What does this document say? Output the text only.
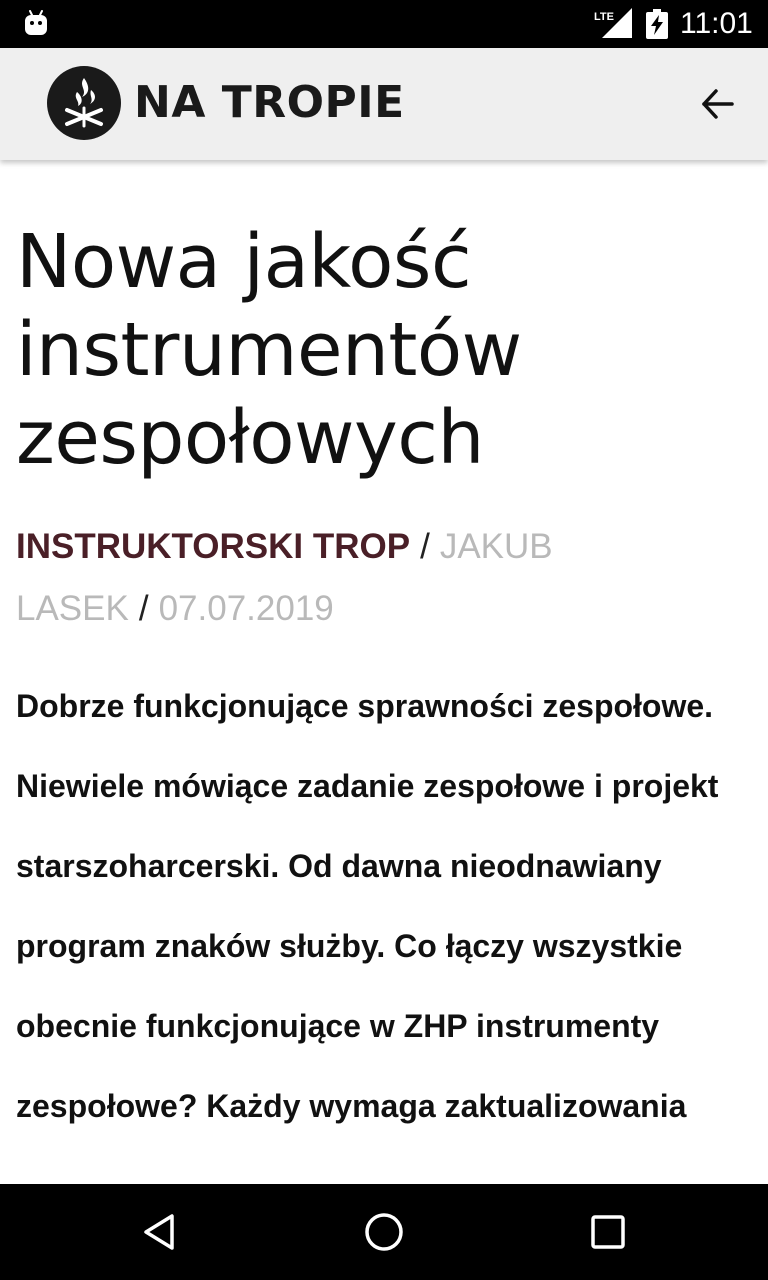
LTE 11:01
NA TROPIE
Nowa jakość instrumentów zespołowych
INSTRUKTORSKI TROP / JAKUB LASEK / 07.07.2019

Dobrze funkcjonujące sprawności zespołowe. Niewiele mówiące zadanie zespołowe i projekt starszoharcerski. Od dawna nieodnawiany program znaków służby. Co łączy wszystkie obecnie funkcjonujące w ZHP instrumenty zespołowe? Każdy wymaga zaktualizowania
